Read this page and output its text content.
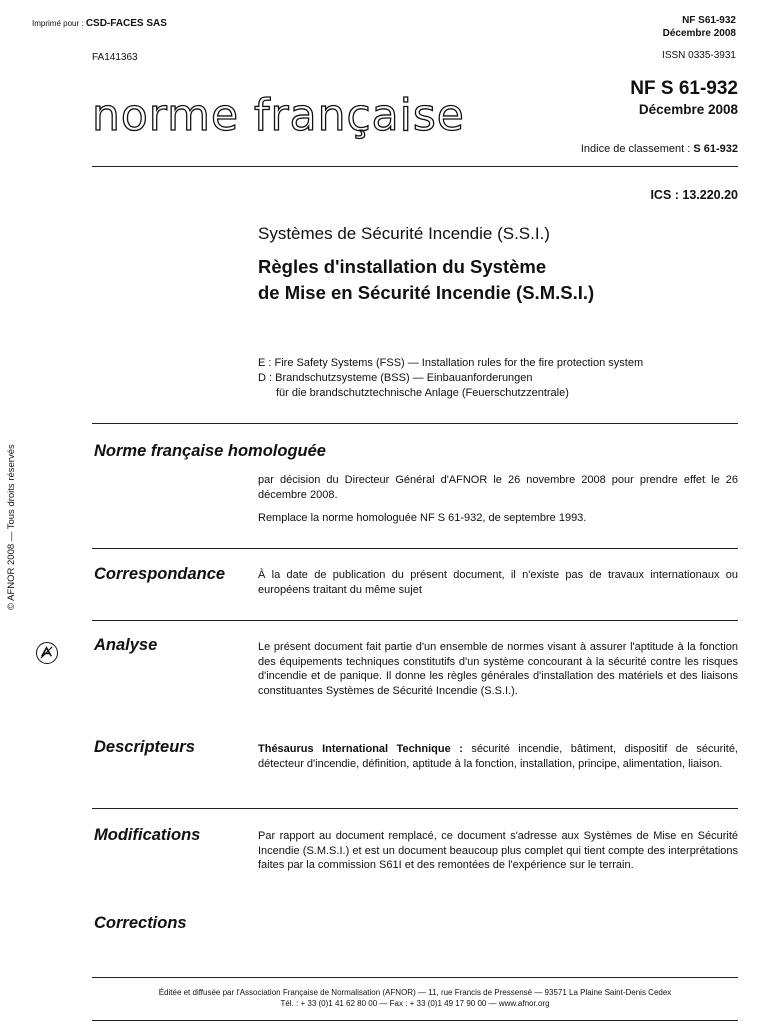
Imprimé pour : CSD-FACES SAS
FA141363
NF S61-932
Décembre 2008
ISSN 0335-3931
norme française
NF S 61-932
Décembre 2008
Indice de classement : S 61-932
ICS : 13.220.20
Systèmes de Sécurité Incendie (S.S.I.)
Règles d'installation du Système
de Mise en Sécurité Incendie (S.M.S.I.)
E : Fire Safety Systems (FSS) — Installation rules for the fire protection system
D : Brandschutzsysteme (BSS) — Einbauanforderungen
für die brandschutztechnische Anlage (Feuerschutzzentrale)
Norme française homologuée
par décision du Directeur Général d'AFNOR le 26 novembre 2008 pour prendre effet le 26 décembre 2008.
Remplace la norme homologuée NF S 61-932, de septembre 1993.
Correspondance	À la date de publication du présent document, il n'existe pas de travaux internationaux ou européens traitant du même sujet
Analyse	Le présent document fait partie d'un ensemble de normes visant à assurer l'aptitude à la fonction des équipements techniques constitutifs d'un système concourant à la sécurité contre les risques d'incendie et de panique. Il donne les règles générales d'installation des matériels et des liaisons constituantes Systèmes de Sécurité Incendie (S.S.I.).
Descripteurs	Thésaurus International Technique : sécurité incendie, bâtiment, dispositif de sécurité, détecteur d'incendie, définition, aptitude à la fonction, installation, principe, alimentation, liaison.
Modifications	Par rapport au document remplacé, ce document s'adresse aux Systèmes de Mise en Sécurité Incendie (S.M.S.I.) et est un document beaucoup plus complet qui tient compte des interprétations faites par la commission S61I et des remontées de l'expérience sur le terrain.
Corrections
Éditée et diffusée par l'Association Française de Normalisation (AFNOR) — 11, rue Francis de Pressensé — 93571 La Plaine Saint-Denis Cedex
Tél. : + 33 (0)1 41 62 80 00 — Fax : + 33 (0)1 49 17 90 00 — www.afnor.org
© AFNOR 2008 — Tous droits réservés
